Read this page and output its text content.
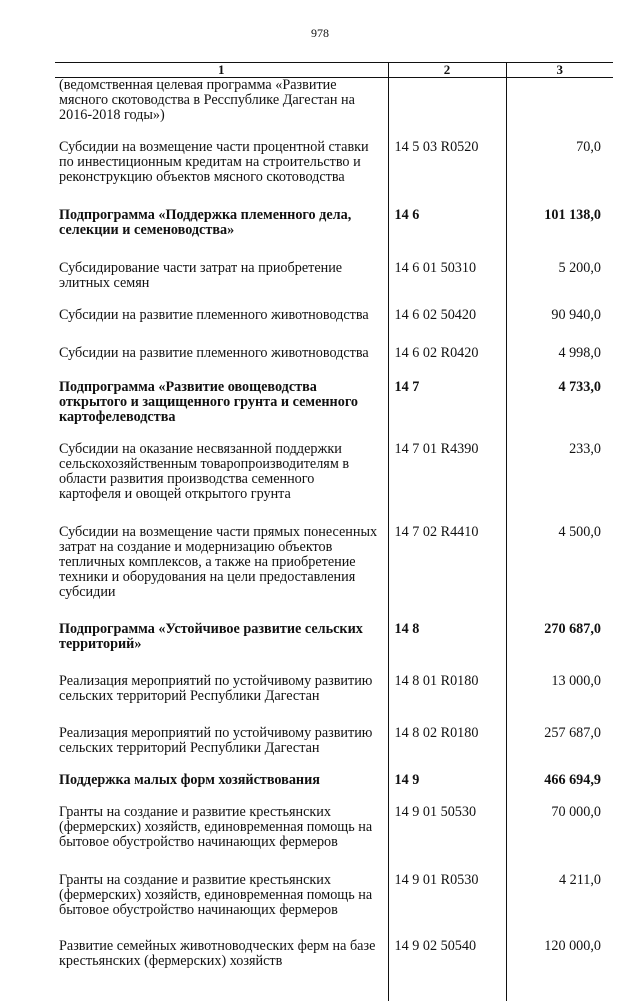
978
1	2	3
(ведомственная целевая программа «Развитие мясного скотоводства в Реcспублике Дагестан на 2016-2018 годы»)		
Субсидии на возмещение части процентной ставки по инвестиционным кредитам на строительство и реконструкцию объектов мясного скотоводства	14 5 03 R0520	70,0
Подпрограмма «Поддержка племенного дела, селекции и семеноводства»	14 6	101 138,0
Субсидирование части затрат на приобретение элитных семян	14 6 01 50310	5 200,0
Субсидии на развитие племенного животноводства	14 6 02 50420	90 940,0
Субсидии на развитие племенного животноводства	14 6 02 R0420	4 998,0
Подпрограмма «Развитие овощеводства открытого и защищенного грунта и семенного картофелеводства	14 7	4 733,0
Субсидии на оказание несвязанной поддержки сельскохозяйственным товаропроизводителям в области развития производства семенного картофеля и овощей открытого грунта	14 7 01 R4390	233,0
Субсидии на возмещение части прямых понесенных затрат на создание и модернизацию объектов тепличных комплексов, а также на приобретение техники и оборудования на цели предоставления субсидии	14 7 02 R4410	4 500,0
Подпрограмма «Устойчивое развитие сельских территорий»	14 8	270 687,0
Реализация мероприятий по устойчивому развитию сельских территорий Республики Дагестан	14 8 01 R0180	13 000,0
Реализация мероприятий по устойчивому развитию сельских территорий Республики Дагестан	14 8 02 R0180	257 687,0
Поддержка малых форм хозяйствования	14 9	466 694,9
Гранты на создание и развитие крестьянских (фермерских) хозяйств, единовременная помощь на бытовое обустройство начинающих фермеров	14 9 01 50530	70 000,0
Гранты на создание и развитие крестьянских (фермерских) хозяйств, единовременная помощь на бытовое обустройство начинающих фермеров	14 9 01 R0530	4 211,0
Развитие семейных животноводческих ферм на базе крестьянских (фермерских) хозяйств	14 9 02 50540	120 000,0
